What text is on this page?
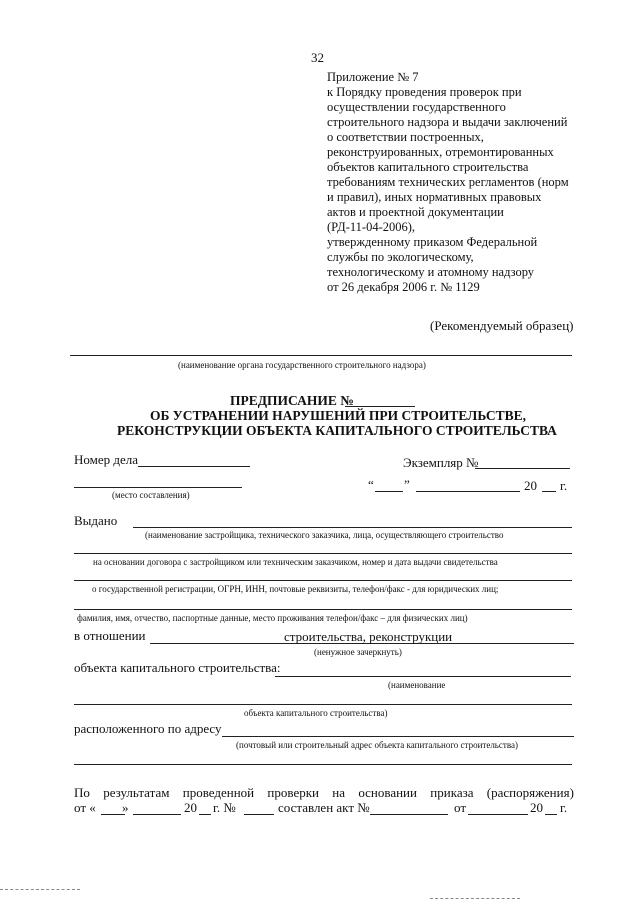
32
Приложение № 7
к Порядку проведения проверок при
осуществлении государственного
строительного надзора и выдачи заключений
о соответствии построенных,
реконструированных, отремонтированных
объектов капитального строительства
требованиям технических регламентов (норм
и правил), иных нормативных правовых
актов и проектной документации
(РД-11-04-2006),
утвержденному приказом Федеральной
службы по экологическому,
технологическому и атомному надзору
от 26 декабря 2006 г. № 1129
(Рекомендуемый образец)
(наименование органа государственного строительного надзора)
ПРЕДПИСАНИЕ №
ОБ УСТРАНЕНИИ НАРУШЕНИЙ ПРИ СТРОИТЕЛЬСТВЕ,
РЕКОНСТРУКЦИИ ОБЪЕКТА КАПИТАЛЬНОГО СТРОИТЕЛЬСТВА
Номер дела	Экземпляр №
(место составления)
“ ”	20 г.
Выдано
(наименование застройщика, технического заказчика, лица, осуществляющего строительство
на основании договора с застройщиком или техническим заказчиком, номер и дата выдачи свидетельства
о государственной регистрации, ОГРН, ИНН, почтовые реквизиты, телефон/факс - для юридических лиц;
фамилия, имя, отчество, паспортные данные, место проживания телефон/факс – для физических лиц)
в отношении	строительства, реконструкции
(ненужное зачеркнуть)
объекта капитального строительства:
(наименование
объекта капитального строительства)
расположенного по адресу
(почтовый или строительный адрес объекта капитального строительства)
По результатам проведенной проверки на основании приказа (распоряжения)
от « »	20 г. №	составлен акт №	от	20 г.
